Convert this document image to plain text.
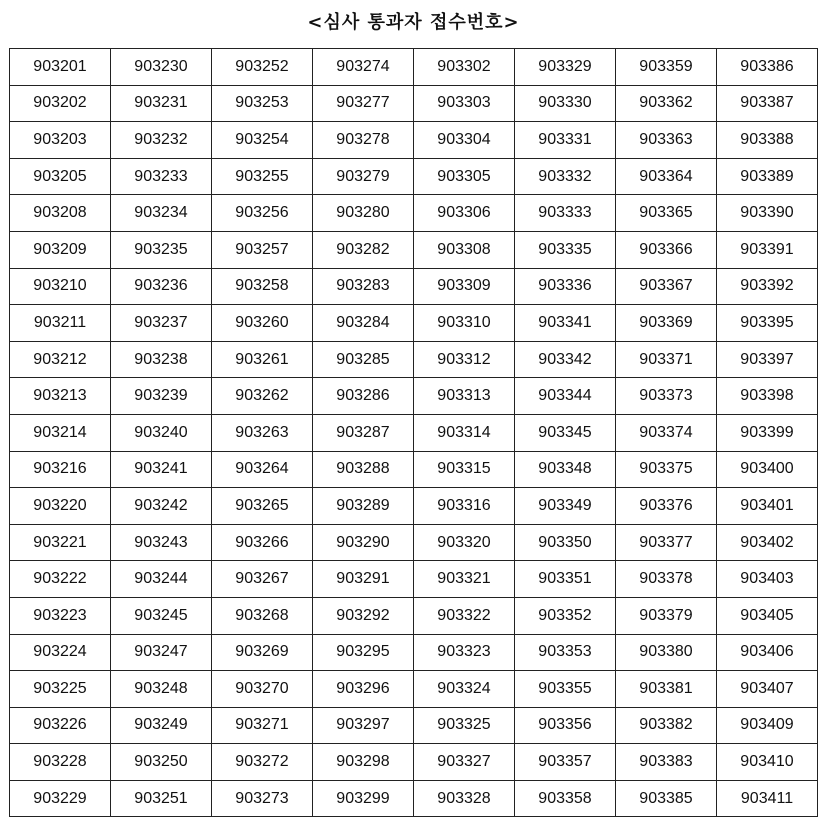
<심사 통과자 접수번호>
903201	903230	903252	903274	903302	903329	903359	903386
903202	903231	903253	903277	903303	903330	903362	903387
903203	903232	903254	903278	903304	903331	903363	903388
903205	903233	903255	903279	903305	903332	903364	903389
903208	903234	903256	903280	903306	903333	903365	903390
903209	903235	903257	903282	903308	903335	903366	903391
903210	903236	903258	903283	903309	903336	903367	903392
903211	903237	903260	903284	903310	903341	903369	903395
903212	903238	903261	903285	903312	903342	903371	903397
903213	903239	903262	903286	903313	903344	903373	903398
903214	903240	903263	903287	903314	903345	903374	903399
903216	903241	903264	903288	903315	903348	903375	903400
903220	903242	903265	903289	903316	903349	903376	903401
903221	903243	903266	903290	903320	903350	903377	903402
903222	903244	903267	903291	903321	903351	903378	903403
903223	903245	903268	903292	903322	903352	903379	903405
903224	903247	903269	903295	903323	903353	903380	903406
903225	903248	903270	903296	903324	903355	903381	903407
903226	903249	903271	903297	903325	903356	903382	903409
903228	903250	903272	903298	903327	903357	903383	903410
903229	903251	903273	903299	903328	903358	903385	903411
